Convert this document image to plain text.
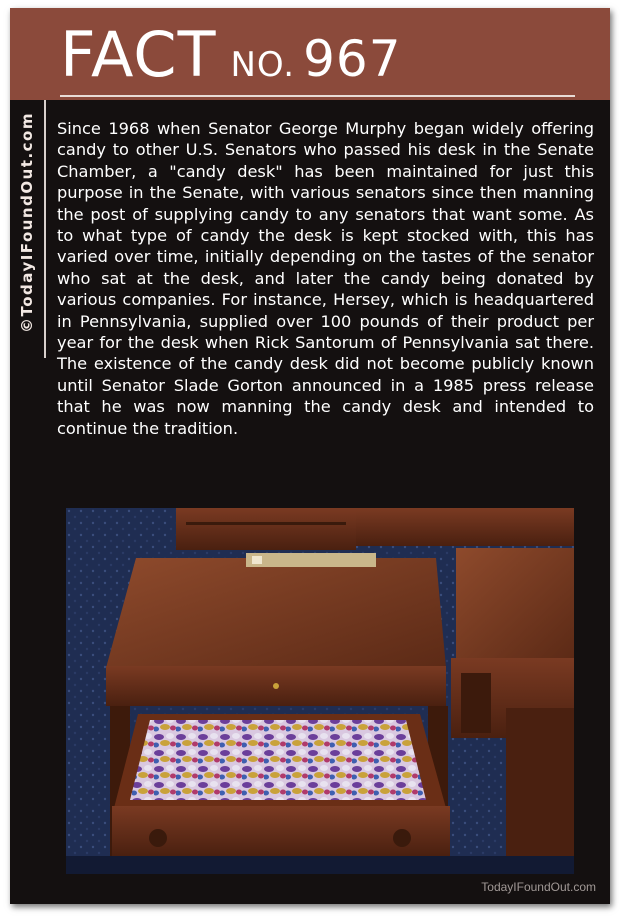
FACT NO. 967
©TodayIFoundOut.com	Since 1968 when Senator George Murphy began widely offering candy to other U.S. Senators who passed his desk in the Senate Chamber, a "candy desk" has been maintained for just this purpose in the Senate, with various senators since then manning the post of supplying candy to any senators that want some. As to what type of candy the desk is kept stocked with, this has varied over time, initially depending on the tastes of the senator who sat at the desk, and later the candy being donated by various companies. For instance, Hersey, which is headquartered in Pennsylvania, supplied over 100 pounds of their product per year for the desk when Rick Santorum of Pennsylvania sat there. The existence of the candy desk did not become publicly known until Senator Slade Gorton announced in a 1985 press release that he was now manning the candy desk and intended to continue the tradition.
TodayIFoundOut.com
